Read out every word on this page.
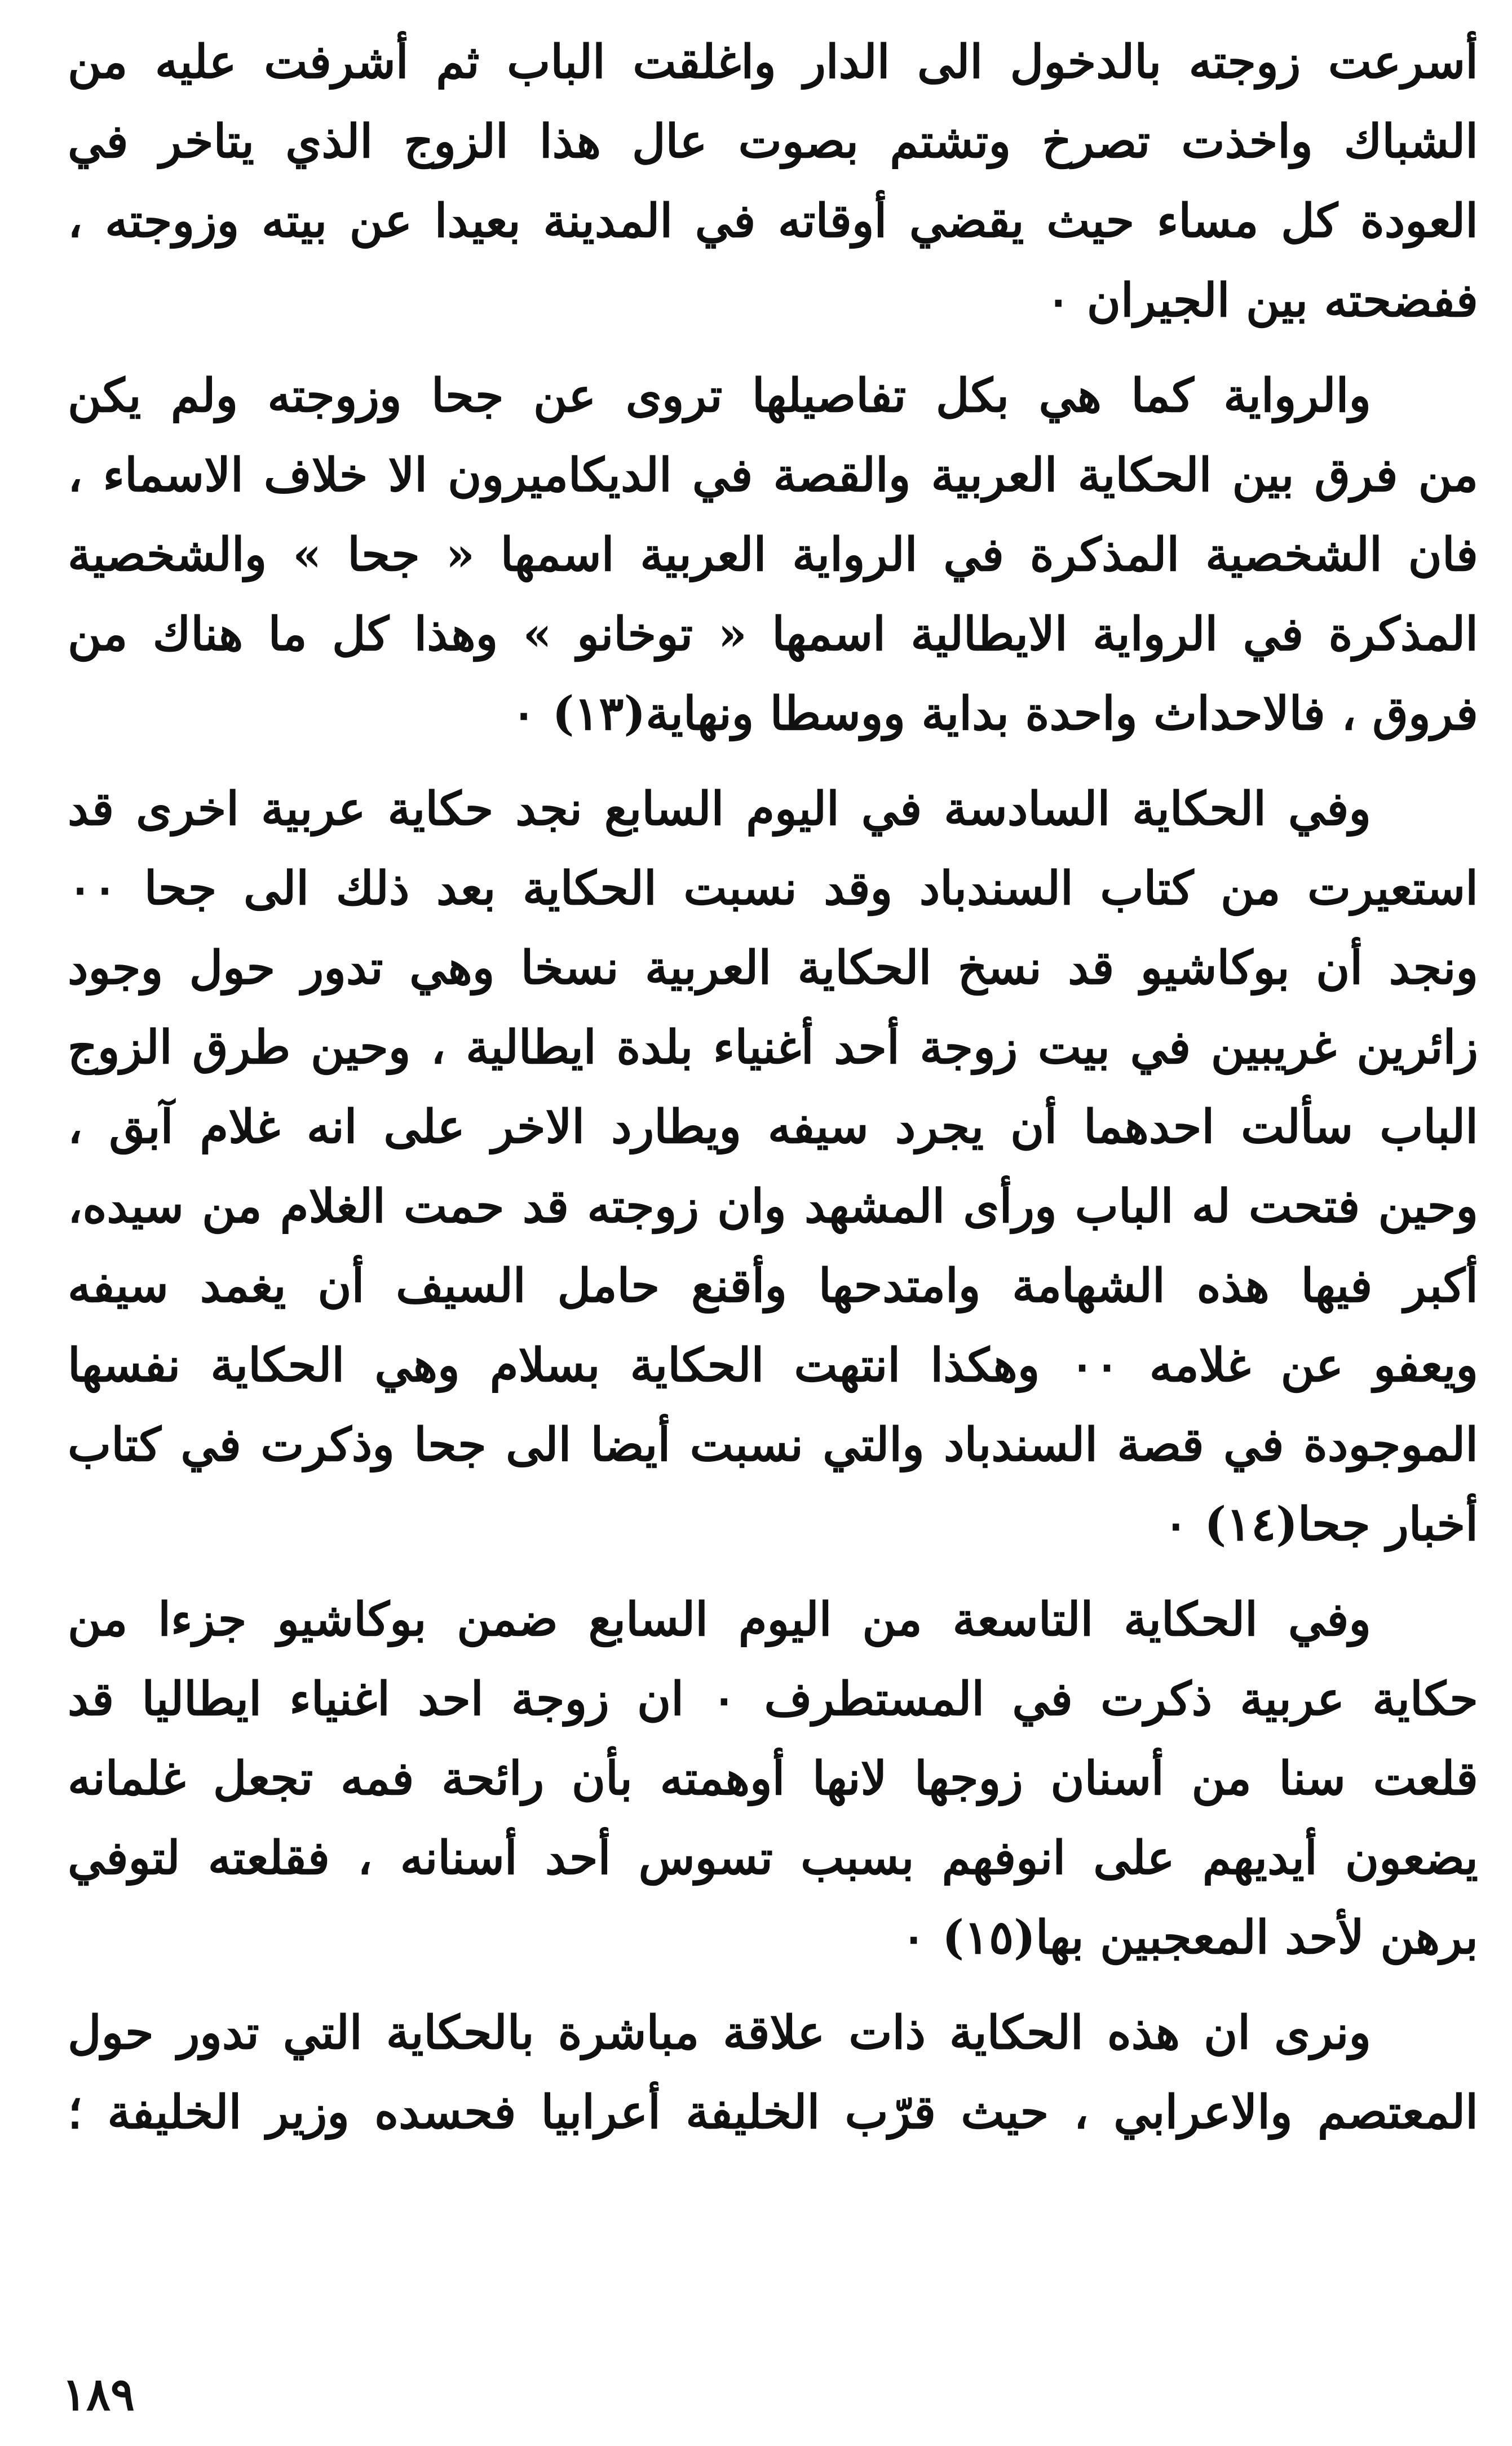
أسرعت زوجته بالدخول الى الدار واغلقت الباب ثم أشرفت عليه من
الشباك واخذت تصرخ وتشتم بصوت عال هذا الزوج الذي يتاخر في
العودة كل مساء حيث يقضي أوقاته في المدينة بعيدا عن بيته وزوجته ،
ففضحته بين الجيران ٠
والرواية كما هي بكل تفاصيلها تروى عن جحا وزوجته ولم يكن
من فرق بين الحكاية العربية والقصة في الديكاميرون الا خلاف الاسماء ،
فان الشخصية المذكرة في الرواية العربية اسمها « جحا » والشخصية
المذكرة في الرواية الايطالية اسمها « توخانو » وهذا كل ما هناك من
فروق ، فالاحداث واحدة بداية ووسطا ونهاية(١٣) ٠
وفي الحكاية السادسة في اليوم السابع نجد حكاية عربية اخرى قد
استعيرت من كتاب السندباد وقد نسبت الحكاية بعد ذلك الى جحا ٠٠
ونجد أن بوكاشيو قد نسخ الحكاية العربية نسخا وهي تدور حول وجود
زائرين غريبين في بيت زوجة أحد أغنياء بلدة ايطالية ، وحين طرق الزوج
الباب سألت احدهما أن يجرد سيفه ويطارد الاخر على انه غلام آبق ،
وحين فتحت له الباب ورأى المشهد وان زوجته قد حمت الغلام من سيده،
أكبر فيها هذه الشهامة وامتدحها وأقنع حامل السيف أن يغمد سيفه
ويعفو عن غلامه ٠٠ وهكذا انتهت الحكاية بسلام وهي الحكاية نفسها
الموجودة في قصة السندباد والتي نسبت أيضا الى جحا وذكرت في كتاب
أخبار جحا(١٤) ٠
وفي الحكاية التاسعة من اليوم السابع ضمن بوكاشيو جزءا من
حكاية عربية ذكرت في المستطرف ٠ ان زوجة احد اغنياء ايطاليا قد
قلعت سنا من أسنان زوجها لانها أوهمته بأن رائحة فمه تجعل غلمانه
يضعون أيديهم على انوفهم بسبب تسوس أحد أسنانه ، فقلعته لتوفي
برهن لأحد المعجبين بها(١٥) ٠
ونرى ان هذه الحكاية ذات علاقة مباشرة بالحكاية التي تدور حول
المعتصم والاعرابي ، حيث قرّب الخليفة أعرابيا فحسده وزير الخليفة ؛
١٨٩
